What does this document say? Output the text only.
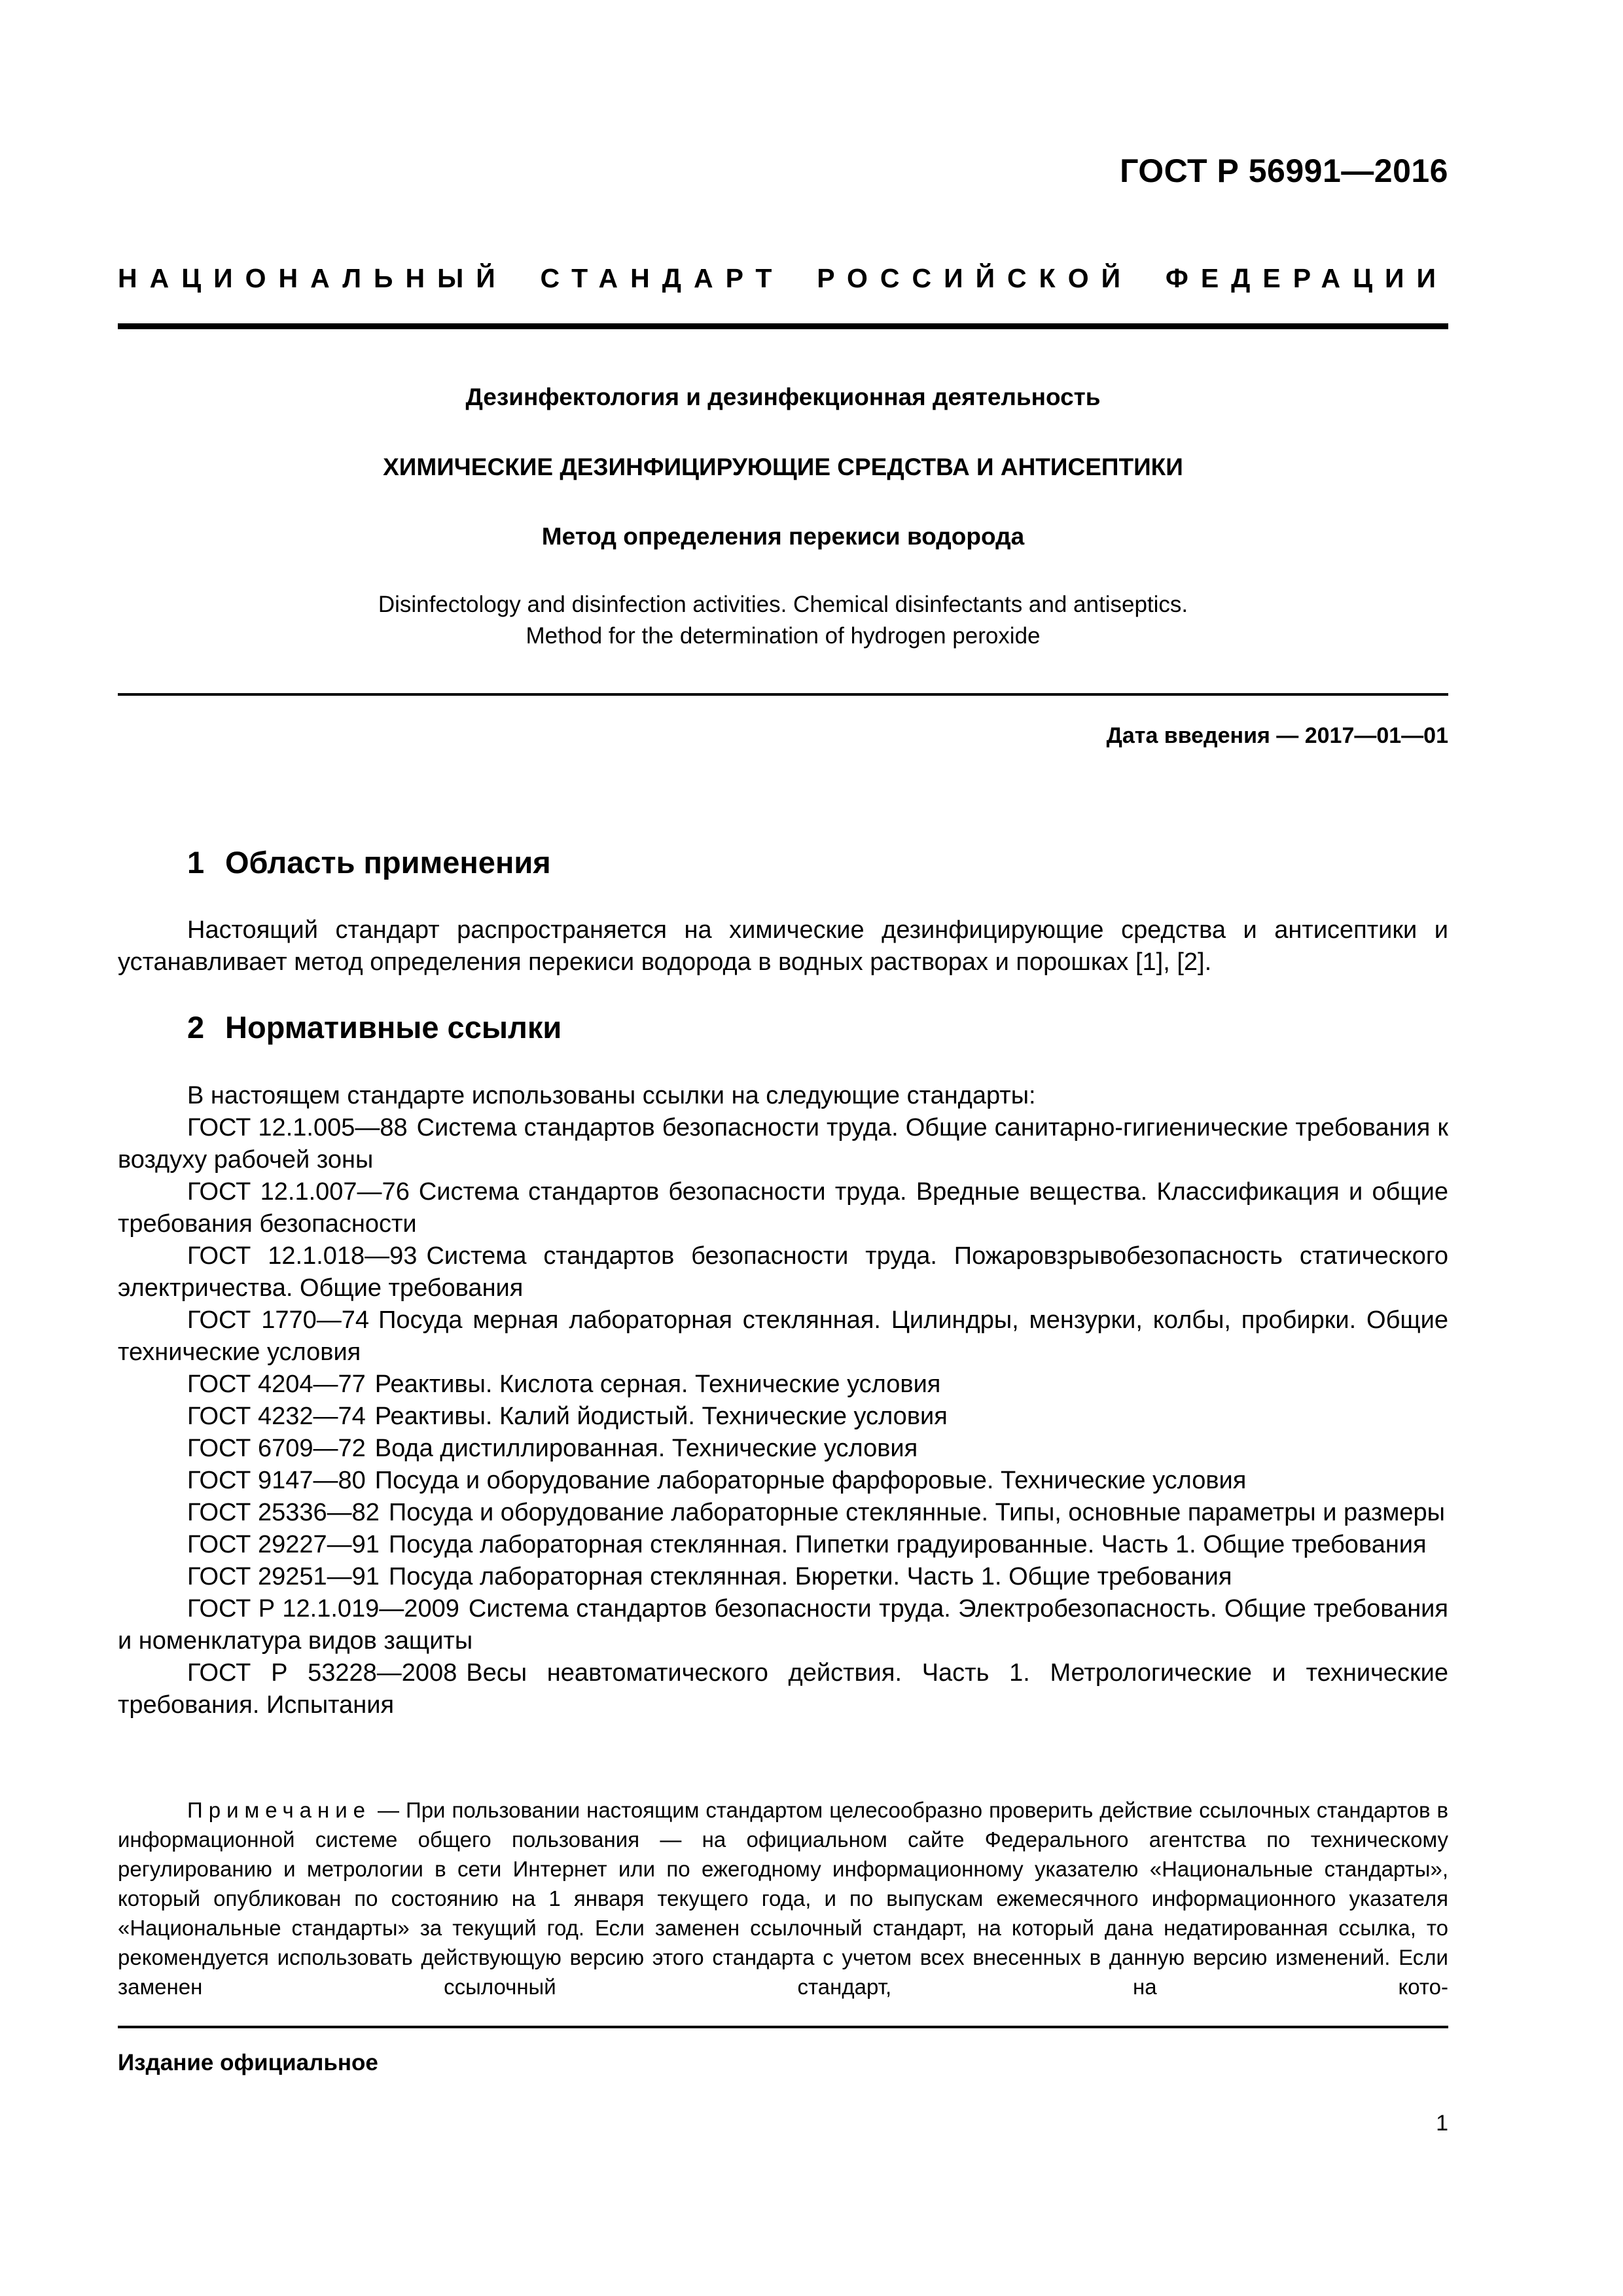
ГОСТ Р 56991—2016
НАЦИОНАЛЬНЫЙ СТАНДАРТ РОССИЙСКОЙ ФЕДЕРАЦИИ
Дезинфектология и дезинфекционная деятельность
ХИМИЧЕСКИЕ ДЕЗИНФИЦИРУЮЩИЕ СРЕДСТВА И АНТИСЕПТИКИ
Метод определения перекиси водорода
Disinfectology and disinfection activities. Chemical disinfectants and antiseptics.
Method for the determination of hydrogen peroxide
Дата введения — 2017—01—01
1 Область применения

Настоящий стандарт распространяется на химические дезинфицирующие средства и антисептики и устанавливает метод определения перекиси водорода в водных растворах и порошках [1], [2].

2 Нормативные ссылки

В настоящем стандарте использованы ссылки на следующие стандарты:

ГОСТ 12.1.005—88 Система стандартов безопасности труда. Общие санитарно-гигиенические требования к воздуху рабочей зоны

ГОСТ 12.1.007—76 Система стандартов безопасности труда. Вредные вещества. Классификация и общие требования безопасности

ГОСТ 12.1.018—93 Система стандартов безопасности труда. Пожаровзрывобезопасность статического электричества. Общие требования

ГОСТ 1770—74 Посуда мерная лабораторная стеклянная. Цилиндры, мензурки, колбы, пробирки. Общие технические условия

ГОСТ 4204—77 Реактивы. Кислота серная. Технические условия

ГОСТ 4232—74 Реактивы. Калий йодистый. Технические условия

ГОСТ 6709—72 Вода дистиллированная. Технические условия

ГОСТ 9147—80 Посуда и оборудование лабораторные фарфоровые. Технические условия

ГОСТ 25336—82 Посуда и оборудование лабораторные стеклянные. Типы, основные параметры и размеры

ГОСТ 29227—91 Посуда лабораторная стеклянная. Пипетки градуированные. Часть 1. Общие требования

ГОСТ 29251—91 Посуда лабораторная стеклянная. Бюретки. Часть 1. Общие требования

ГОСТ Р 12.1.019—2009 Система стандартов безопасности труда. Электробезопасность. Общие требования и номенклатура видов защиты

ГОСТ Р 53228—2008 Весы неавтоматического действия. Часть 1. Метрологические и технические требования. Испытания

Примечание — При пользовании настоящим стандартом целесообразно проверить действие ссылочных стандартов в информационной системе общего пользования — на официальном сайте Федерального агентства по техническому регулированию и метрологии в сети Интернет или по ежегодному информационному указателю «Национальные стандарты», который опубликован по состоянию на 1 января текущего года, и по выпускам ежемесячного информационного указателя «Национальные стандарты» за текущий год. Если заменен ссылочный стандарт, на который дана недатированная ссылка, то рекомендуется использовать действующую версию этого стандарта с учетом всех внесенных в данную версию изменений. Если заменен ссылочный стандарт, на кото-

Издание официальное
1
